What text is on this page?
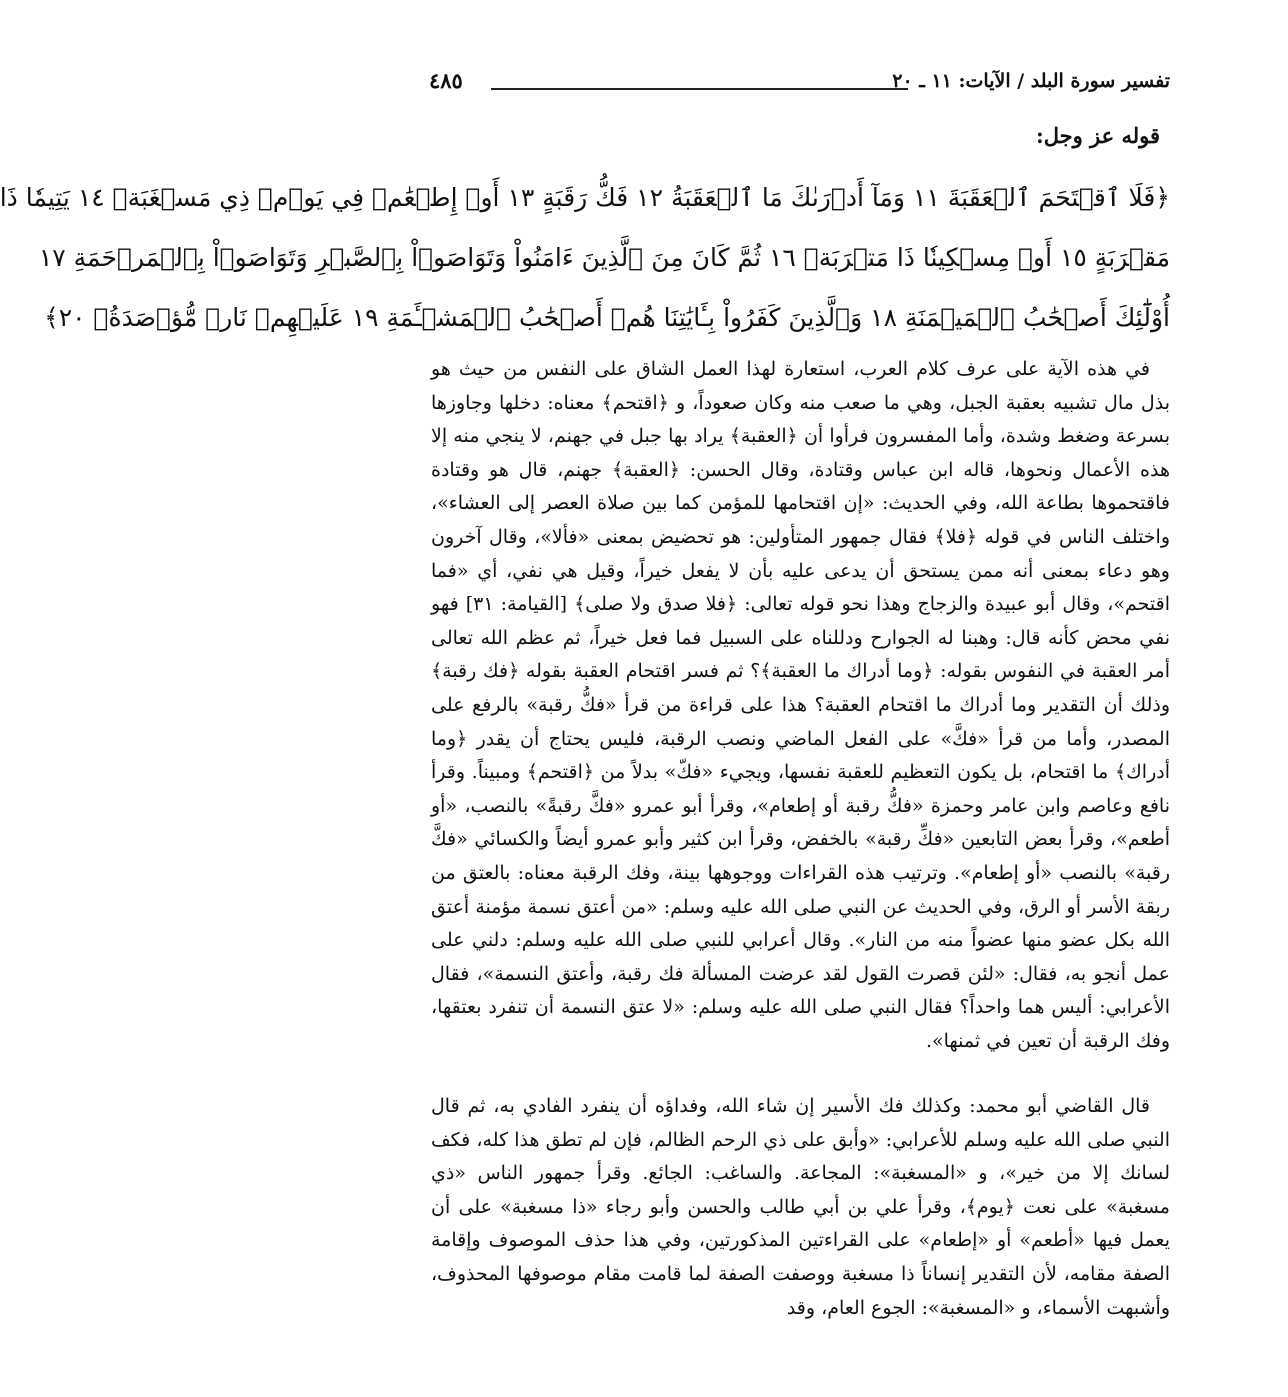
تفسير سورة البلد / الآيات: ١١ ـ ٢٠
٤٨٥
قوله عز وجل:
﴿فَلَا ٱقۡتَحَمَ ٱلۡعَقَبَةَ ١١ وَمَآ أَدۡرَىٰكَ مَا ٱلۡعَقَبَةُ ١٢ فَكُّ رَقَبَةٍ ١٣ أَوۡ إِطۡعَٰمٞ فِي يَوۡمٖ ذِي مَسۡغَبَةٖ ١٤ يَتِيمٗا ذَا
مَقۡرَبَةٍ ١٥ أَوۡ مِسۡكِينٗا ذَا مَتۡرَبَةٖ ١٦ ثُمَّ كَانَ مِنَ ٱلَّذِينَ ءَامَنُواْ وَتَوَاصَوۡاْ بِٱلصَّبۡرِ وَتَوَاصَوۡاْ بِٱلۡمَرۡحَمَةِ ١٧
أُوْلَٰٓئِكَ أَصۡحَٰبُ ٱلۡمَيۡمَنَةِ ١٨ وَٱلَّذِينَ كَفَرُواْ بِـَٔايَٰتِنَا هُمۡ أَصۡحَٰبُ ٱلۡمَشۡـَٔمَةِ ١٩ عَلَيۡهِمۡ نَارٞ مُّؤۡصَدَةُۢ ٢٠﴾

في هذه الآية على عرف كلام العرب، استعارة لهذا العمل الشاق على النفس من حيث هو بذل مال تشبيه بعقبة الجبل، وهي ما صعب منه وكان صعوداً، و ﴿اقتحم﴾ معناه: دخلها وجاوزها بسرعة وضغط وشدة، وأما المفسرون فرأوا أن ﴿العقبة﴾ يراد بها جبل في جهنم، لا ينجي منه إلا هذه الأعمال ونحوها، قاله ابن عباس وقتادة، وقال الحسن: ﴿العقبة﴾ جهنم، قال هو وقتادة فاقتحموها بطاعة الله، وفي الحديث: «إن اقتحامها للمؤمن كما بين صلاة العصر إلى العشاء»، واختلف الناس في قوله ﴿فلا﴾ فقال جمهور المتأولين: هو تحضيض بمعنى «فألا»، وقال آخرون وهو دعاء بمعنى أنه ممن يستحق أن يدعى عليه بأن لا يفعل خيراً، وقيل هي نفي، أي «فما اقتحم»، وقال أبو عبيدة والزجاج وهذا نحو قوله تعالى: ﴿فلا صدق ولا صلى﴾ [القيامة: ٣١] فهو نفي محض كأنه قال: وهبنا له الجوارح ودللناه على السبيل فما فعل خيراً، ثم عظم الله تعالى أمر العقبة في النفوس بقوله: ﴿وما أدراك ما العقبة﴾؟ ثم فسر اقتحام العقبة بقوله ﴿فك رقبة﴾ وذلك أن التقدير وما أدراك ما اقتحام العقبة؟ هذا على قراءة من قرأ «فكُّ رقبة» بالرفع على المصدر، وأما من قرأ «فكَّ» على الفعل الماضي ونصب الرقبة، فليس يحتاج أن يقدر ﴿وما أدراك﴾ ما اقتحام، بل يكون التعظيم للعقبة نفسها، ويجيء «فكّ» بدلاً من ﴿اقتحم﴾ ومبيناً. وقرأ نافع وعاصم وابن عامر وحمزة «فكُّ رقبة أو إطعام»، وقرأ أبو عمرو «فكَّ رقبةً» بالنصب، «أو أطعم»، وقرأ بعض التابعين «فكِّ رقبة» بالخفض، وقرأ ابن كثير وأبو عمرو أيضاً والكسائي «فكَّ رقبة» بالنصب «أو إطعام». وترتيب هذه القراءات ووجوهها بينة، وفك الرقبة معناه: بالعتق من ربقة الأسر أو الرق، وفي الحديث عن النبي صلى الله عليه وسلم: «من أعتق نسمة مؤمنة أعتق الله بكل عضو منها عضواً منه من النار». وقال أعرابي للنبي صلى الله عليه وسلم: دلني على عمل أنجو به، فقال: «لئن قصرت القول لقد عرضت المسألة فك رقبة، وأعتق النسمة»، فقال الأعرابي: أليس هما واحداً؟ فقال النبي صلى الله عليه وسلم: «لا عتق النسمة أن تنفرد بعتقها، وفك الرقبة أن تعين في ثمنها».

قال القاضي أبو محمد: وكذلك فك الأسير إن شاء الله، وفداؤه أن ينفرد الفادي به، ثم قال النبي صلى الله عليه وسلم للأعرابي: «وأبق على ذي الرحم الظالم، فإن لم تطق هذا كله، فكف لسانك إلا من خير»، و «المسغبة»: المجاعة. والساغب: الجائع. وقرأ جمهور الناس «ذي مسغبة» على نعت ﴿يوم﴾، وقرأ علي بن أبي طالب والحسن وأبو رجاء «ذا مسغبة» على أن يعمل فيها «أطعم» أو «إطعام» على القراءتين المذكورتين، وفي هذا حذف الموصوف وإقامة الصفة مقامه، لأن التقدير إنساناً ذا مسغبة ووصفت الصفة لما قامت مقام موصوفها المحذوف، وأشبهت الأسماء، و «المسغبة»: الجوع العام، وقد
